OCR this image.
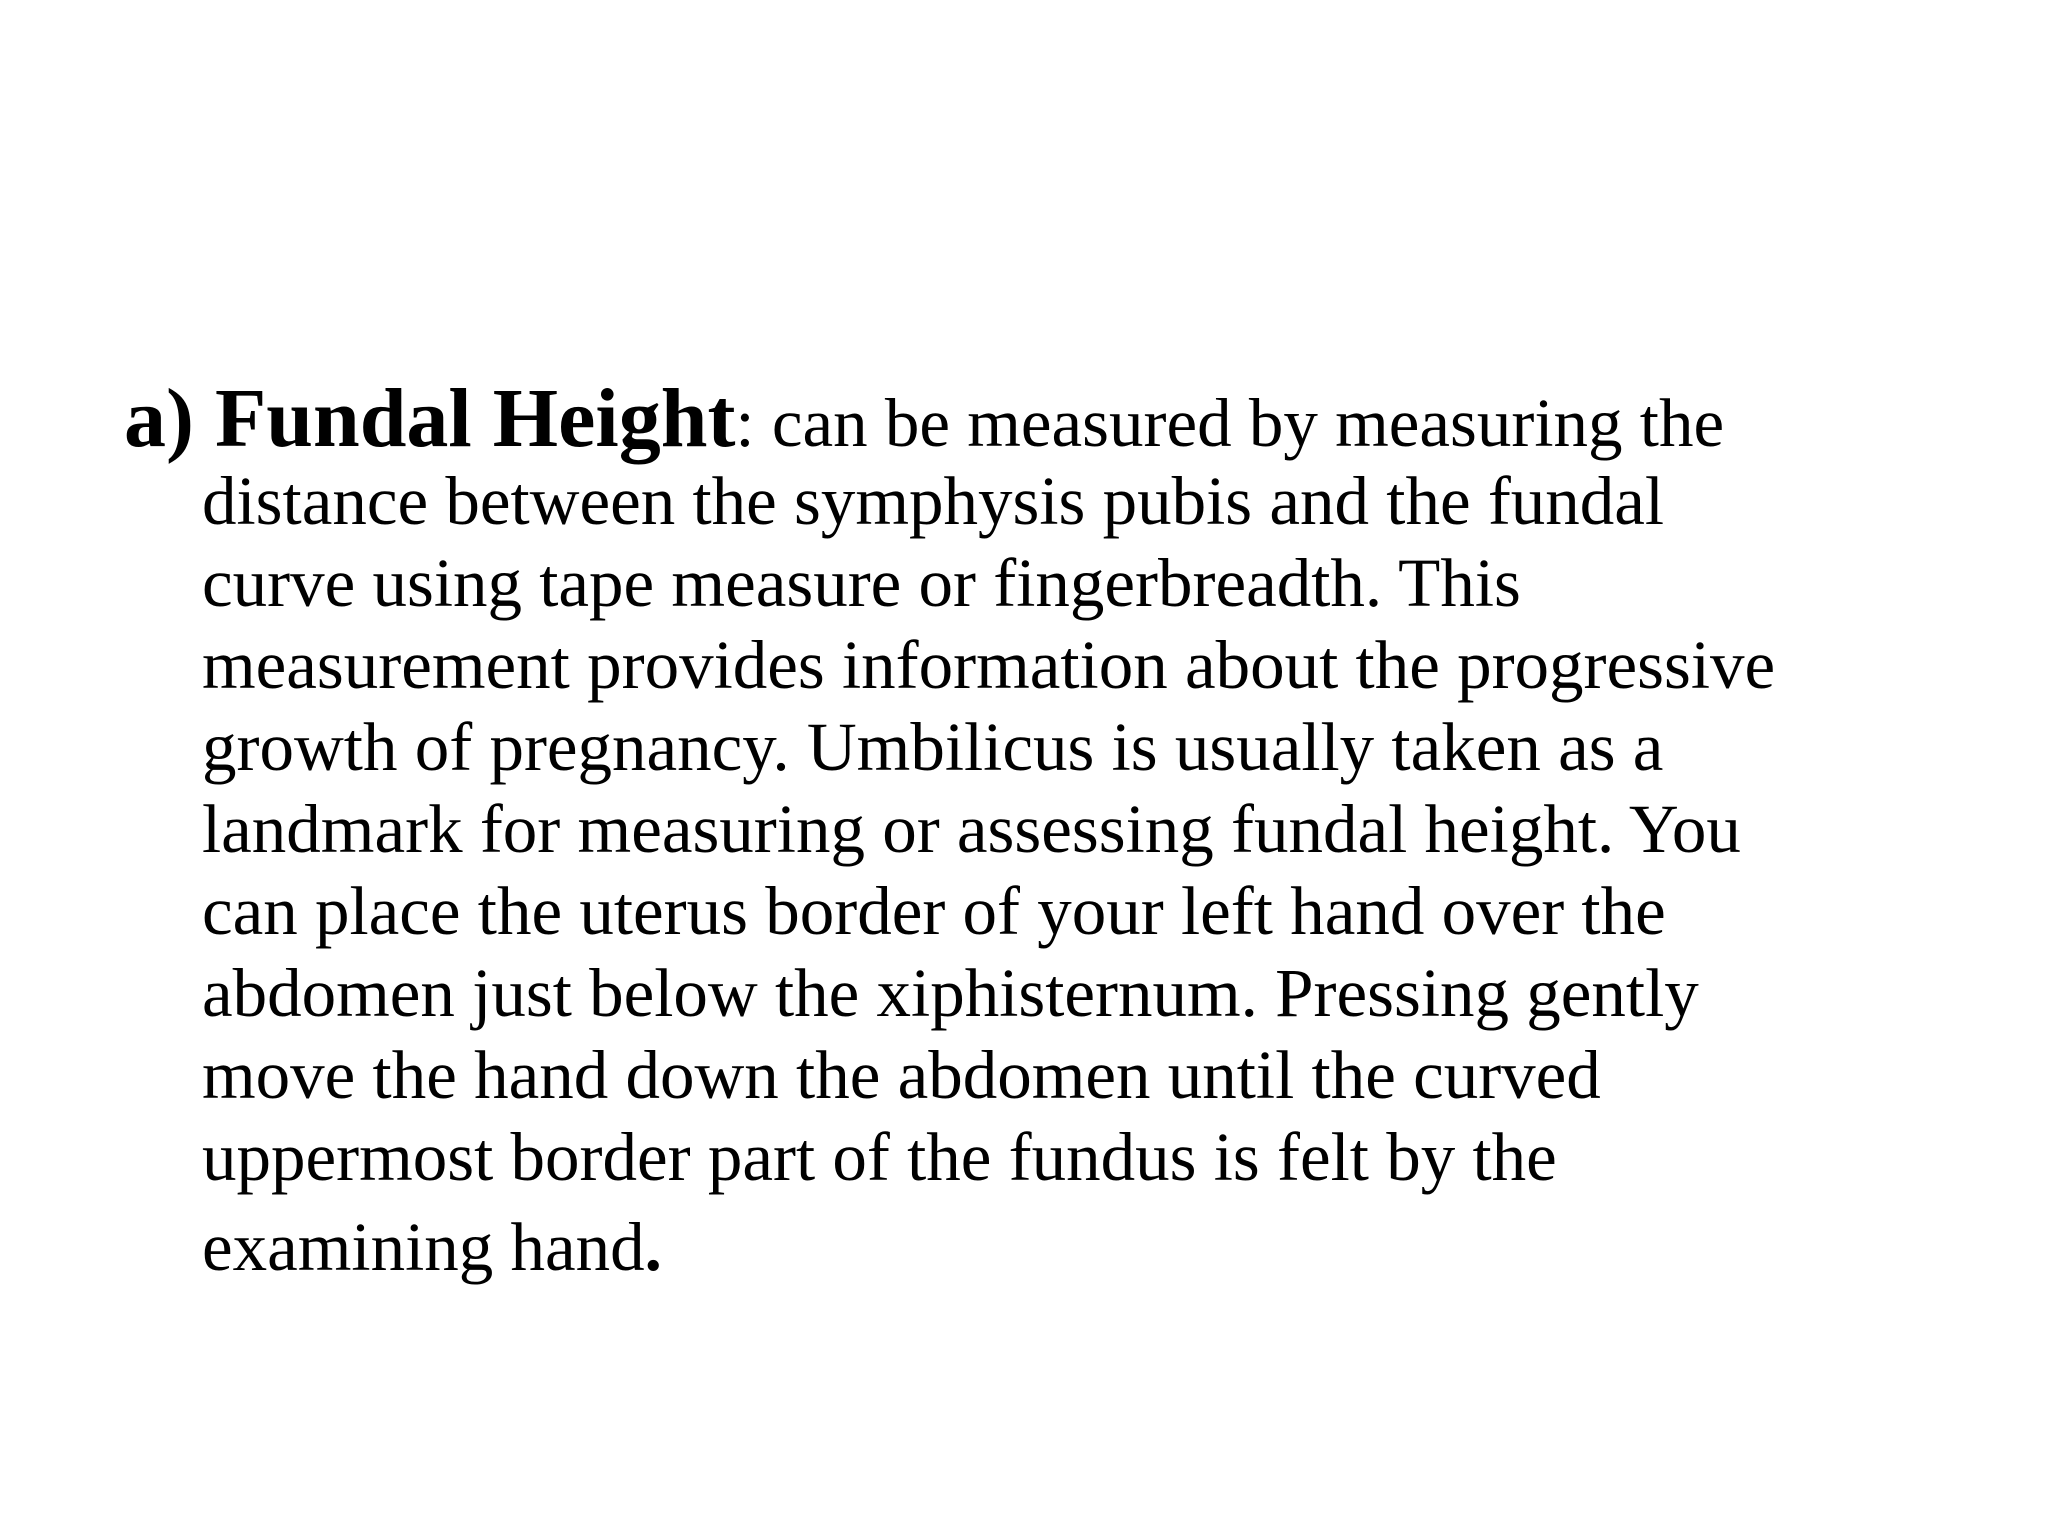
a) Fundal Height: can be measured by measuring the
distance between the symphysis pubis and the fundal
curve using tape measure or fingerbreadth. This
measurement provides information about the progressive
growth of pregnancy. Umbilicus is usually taken as a
landmark for measuring or assessing fundal height. You
can place the uterus border of your left hand over the
abdomen just below the xiphisternum. Pressing gently
move the hand down the abdomen until the curved
uppermost border part of the fundus is felt by the
examining hand.
